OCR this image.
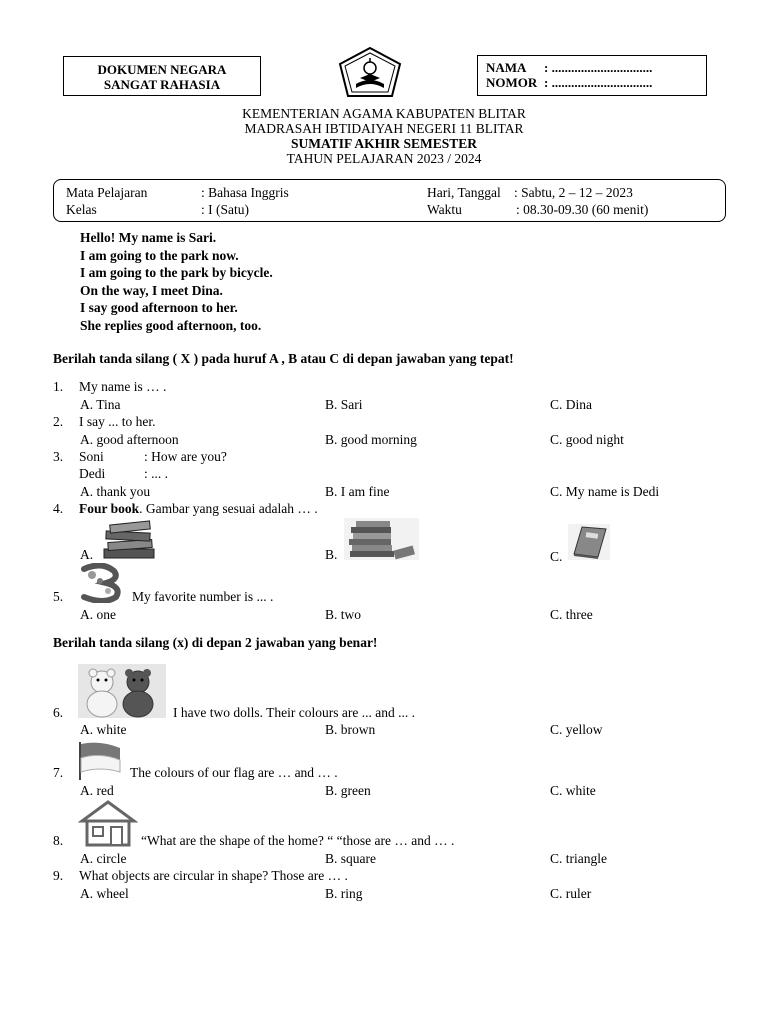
DOKUMEN NEGARA
SANGAT RAHASIA
NAMA : ...............................
NOMOR : ...............................
KEMENTERIAN AGAMA KABUPATEN BLITAR
MADRASAH IBTIDAIYAH NEGERI 11 BLITAR
SUMATIF AKHIR SEMESTER
TAHUN PELAJARAN 2023 / 2024
Mata Pelajaran	: Bahasa Inggris
Kelas	: I (Satu)
Hari, Tanggal : Sabtu, 2 – 12 – 2023
Waktu	: 08.30-09.30 (60 menit)
Hello! My name is Sari.
I am going to the park now.
I am going to the park by bicycle.
On the way, I meet Dina.
I say good afternoon to her.
She replies good afternoon, too.
Berilah tanda silang ( X ) pada huruf A , B atau C di depan jawaban yang tepat!
1. My name is … .
A. Tina	B. Sari	C. Dina
2. I say ... to her.
A. good afternoon	B. good morning	C. good night
3. Soni	: How are you?
Dedi	: ... .
A. thank you	B. I am fine	C. My name is Dedi
4. Four book. Gambar yang sesuai adalah … .
A.	B.	C.
5.	My favorite number is ... .
A. one	B. two	C. three
Berilah tanda silang (x) di depan 2 jawaban yang benar!
6.	I have two dolls. Their colours are ... and ... .
A. white	B. brown	C. yellow
7.	The colours of our flag are … and … .
A. red	B. green	C. white
8.	“What are the shape of the home? “ “those are … and … .
A. circle	B. square	C. triangle
9. What objects are circular in shape? Those are … .
A. wheel	B. ring	C. ruler
